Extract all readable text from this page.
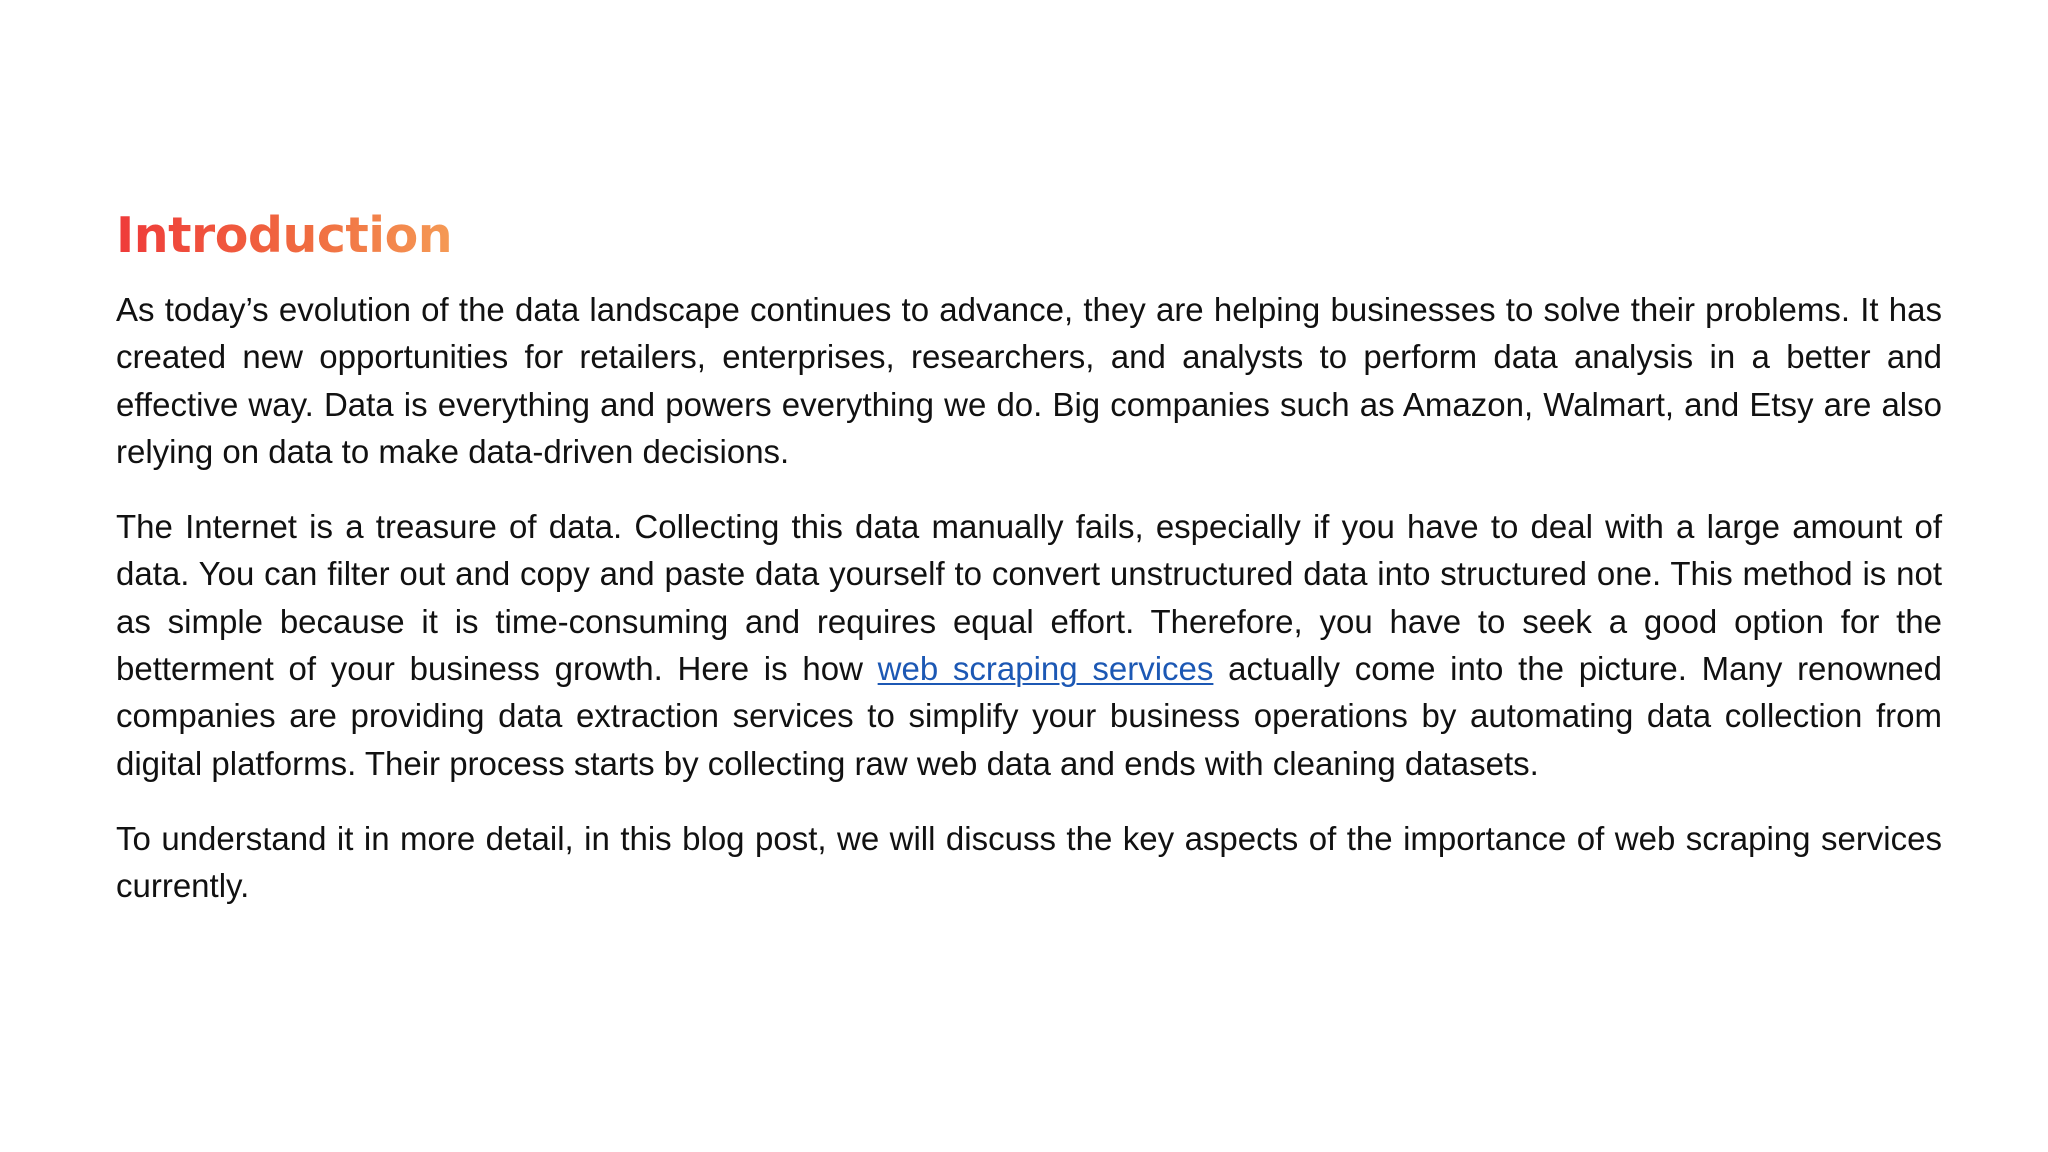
Introduction

As today’s evolution of the data landscape continues to advance, they are helping businesses to solve their problems. It has created new opportunities for retailers, enterprises, researchers, and analysts to perform data analysis in a better and effective way. Data is everything and powers everything we do. Big companies such as Amazon, Walmart, and Etsy are also relying on data to make data-driven decisions.

The Internet is a treasure of data. Collecting this data manually fails, especially if you have to deal with a large amount of data. You can filter out and copy and paste data yourself to convert unstructured data into structured one. This method is not as simple because it is time-consuming and requires equal effort. Therefore, you have to seek a good option for the betterment of your business growth. Here is how web scraping services actually come into the picture. Many renowned companies are providing data extraction services to simplify your business operations by automating data collection from digital platforms. Their process starts by collecting raw web data and ends with cleaning datasets.

To understand it in more detail, in this blog post, we will discuss the key aspects of the importance of web scraping services currently.
